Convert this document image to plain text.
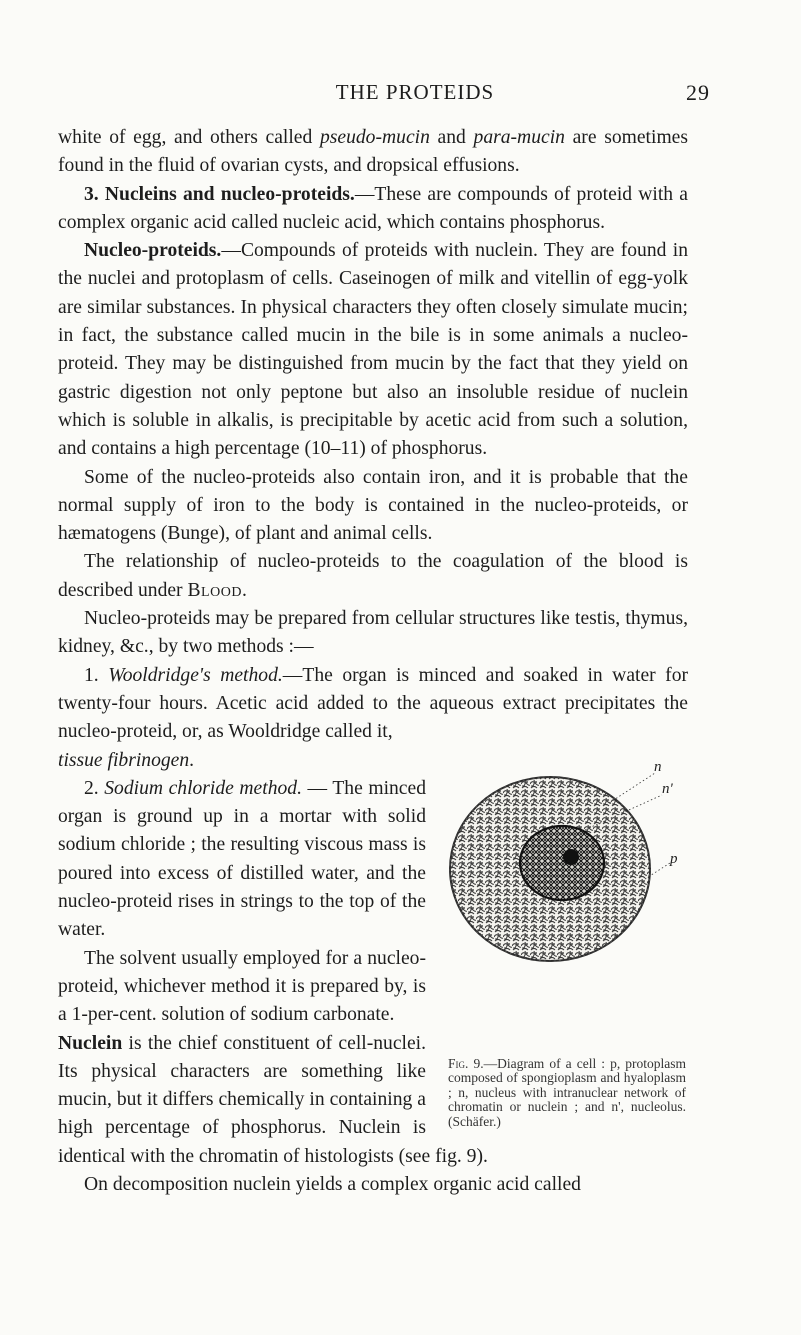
THE PROTEIDS	29

white of egg, and others called pseudo-mucin and para-mucin are sometimes found in the fluid of ovarian cysts, and dropsical effusions.

3. Nucleins and nucleo-proteids.—These are compounds of proteid with a complex organic acid called nucleic acid, which contains phosphorus.

Nucleo-proteids.—Compounds of proteids with nuclein. They are found in the nuclei and protoplasm of cells. Caseinogen of milk and vitellin of egg-yolk are similar substances. In physical characters they often closely simulate mucin; in fact, the substance called mucin in the bile is in some animals a nucleo-proteid. They may be distinguished from mucin by the fact that they yield on gastric digestion not only peptone but also an insoluble residue of nuclein which is soluble in alkalis, is precipitable by acetic acid from such a solution, and contains a high percentage (10–11) of phosphorus.

Some of the nucleo-proteids also contain iron, and it is probable that the normal supply of iron to the body is contained in the nucleo-proteids, or hæmatogens (Bunge), of plant and animal cells.

The relationship of nucleo-proteids to the coagulation of the blood is described under Blood.

Nucleo-proteids may be prepared from cellular structures like testis, thymus, kidney, &c., by two methods :—

1. Wooldridge's method.—The organ is minced and soaked in water for twenty-four hours. Acetic acid added to the aqueous extract precipitates the nucleo-proteid, or, as Wooldridge called it,

n
n'
p
Fig. 9.—Diagram of a cell : p, protoplasm composed of spongioplasm and hyaloplasm ; n, nucleus with intranuclear network of chromatin or nuclein ; and n', nucleolus. (Schäfer.)

tissue fibrinogen.

2. Sodium chloride method. — The minced organ is ground up in a mortar with solid sodium chloride ; the resulting viscous mass is poured into excess of distilled water, and the nucleo-proteid rises in strings to the top of the water.

The solvent usually employed for a nucleo-proteid, whichever method it is prepared by, is a 1-per-cent. solution of sodium carbonate.

Nuclein is the chief constituent of cell-nuclei. Its physical characters are something like mucin, but it differs chemically in containing a high percentage of phosphorus. Nuclein is identical with the chromatin of histologists (see fig. 9).

On decomposition nuclein yields a complex organic acid called
